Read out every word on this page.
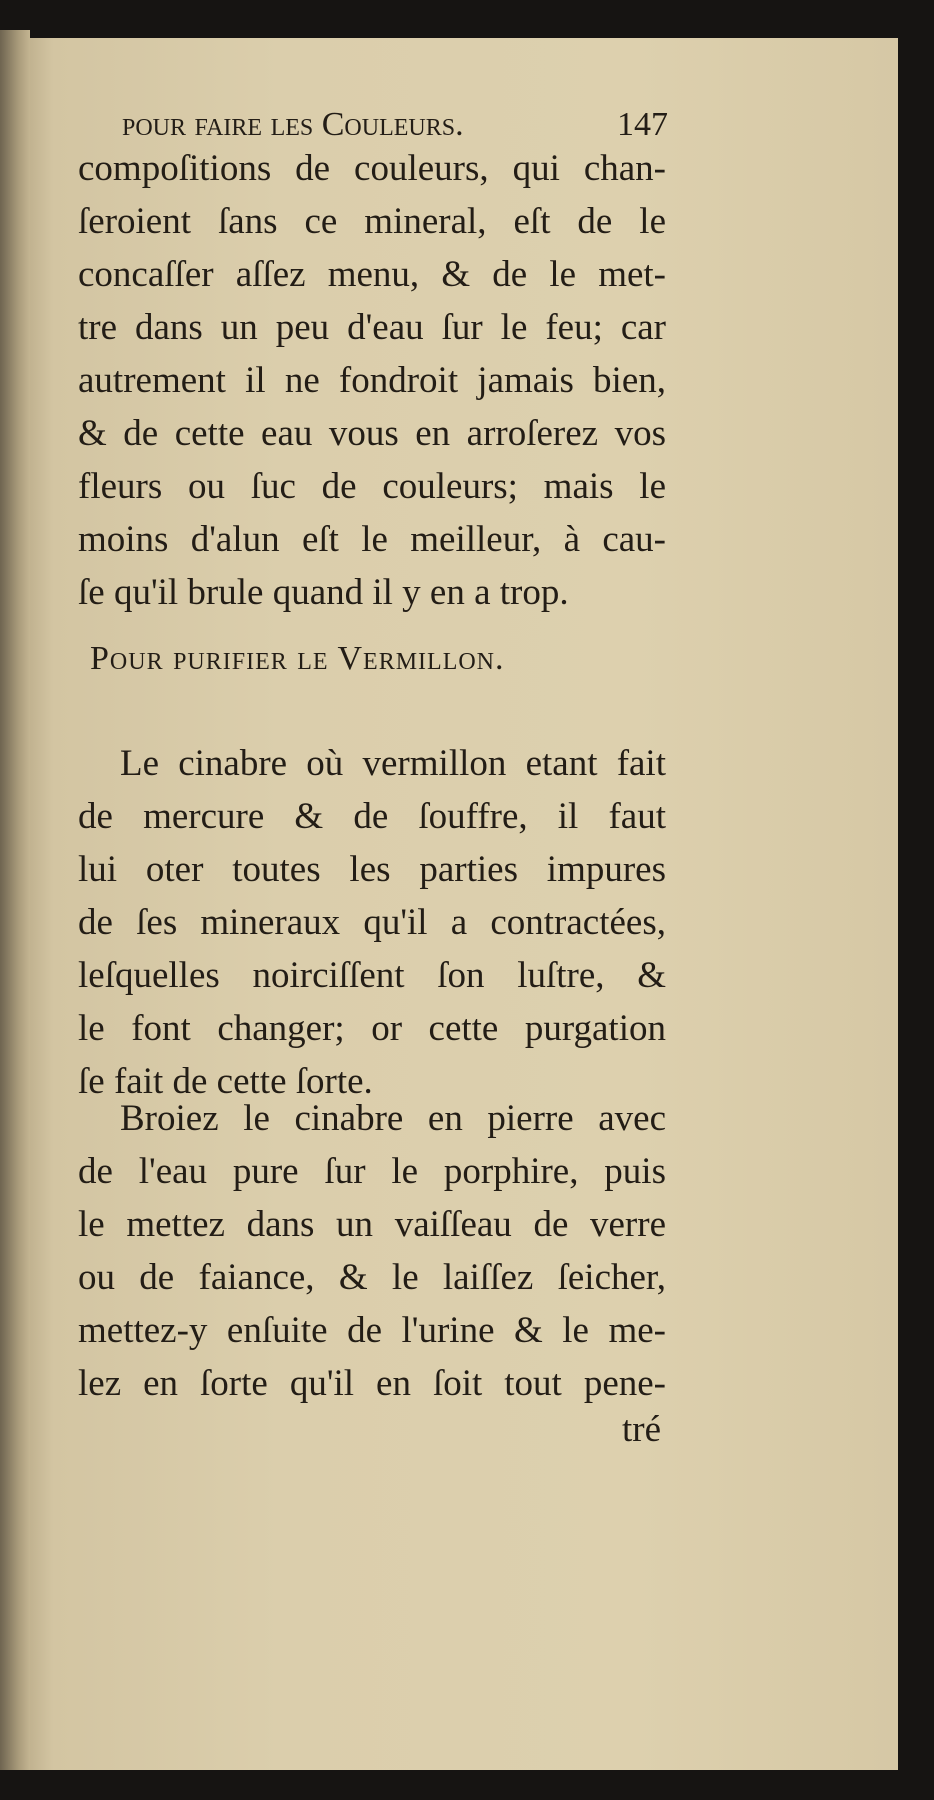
pour faire les Couleurs.	147
compoſitions de couleurs, qui chan-
ſeroient ſans ce mineral, eſt de le
concaſſer aſſez menu, & de le met-
tre dans un peu d'eau ſur le feu; car
autrement il ne fondroit jamais bien,
& de cette eau vous en arroſerez vos
fleurs ou ſuc de couleurs; mais le
moins d'alun eſt le meilleur, à cau-
ſe qu'il brule quand il y en a trop.
Pour purifier le Vermillon.
Le cinabre où vermillon etant fait
de mercure & de ſouffre, il faut
lui oter toutes les parties impures
de ſes mineraux qu'il a contractées,
leſquelles noirciſſent ſon luſtre, &
le font changer; or cette purgation
ſe fait de cette ſorte.
Broiez le cinabre en pierre avec
de l'eau pure ſur le porphire, puis
le mettez dans un vaiſſeau de verre
ou de faiance, & le laiſſez ſeicher,
mettez-y enſuite de l'urine & le me-
lez en ſorte qu'il en ſoit tout pene-
tré
